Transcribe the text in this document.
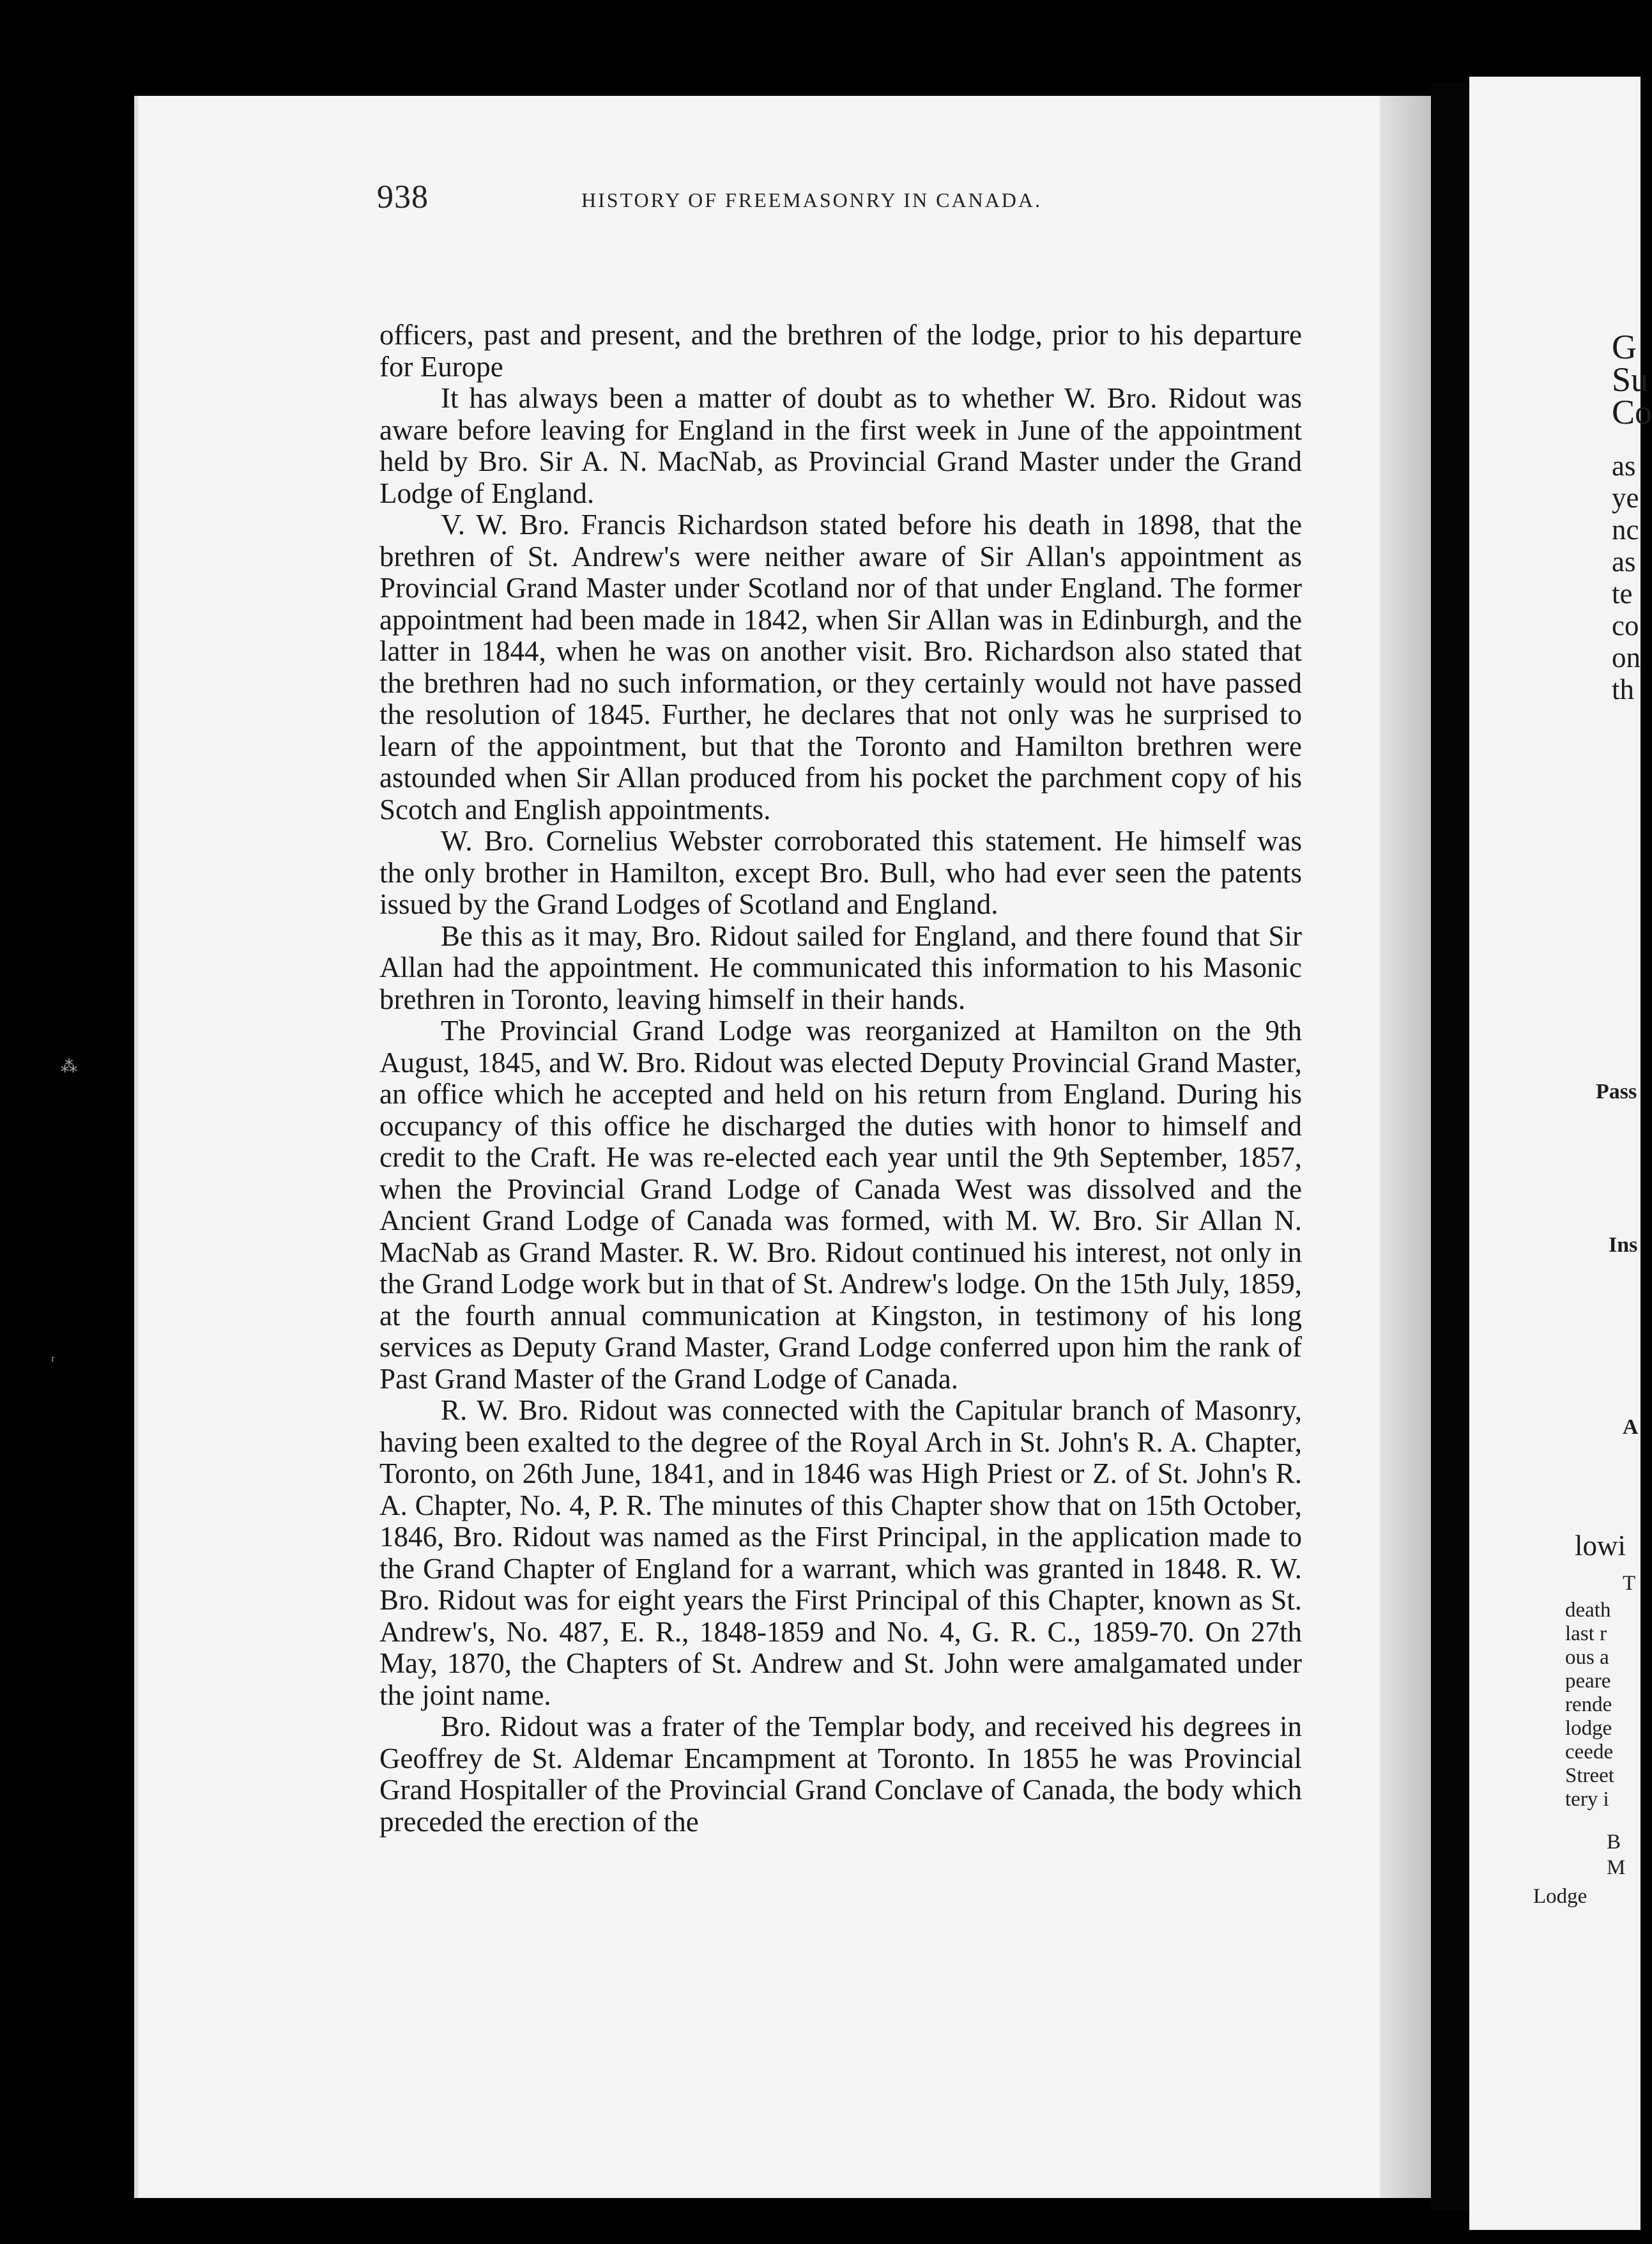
938	HISTORY OF FREEMASONRY IN CANADA.

officers, past and present, and the brethren of the lodge, prior to his departure for Europe

It has always been a matter of doubt as to whether W. Bro. Ridout was aware before leaving for England in the first week in June of the appointment held by Bro. Sir A. N. MacNab, as Provincial Grand Master under the Grand Lodge of England.

V. W. Bro. Francis Richardson stated before his death in 1898, that the brethren of St. Andrew's were neither aware of Sir Allan's appointment as Provincial Grand Master under Scotland nor of that under England. The former appointment had been made in 1842, when Sir Allan was in Edinburgh, and the latter in 1844, when he was on another visit. Bro. Richardson also stated that the brethren had no such information, or they certainly would not have passed the resolution of 1845. Further, he declares that not only was he surprised to learn of the appointment, but that the Toronto and Hamilton brethren were astounded when Sir Allan produced from his pocket the parchment copy of his Scotch and English appointments.

W. Bro. Cornelius Webster corroborated this statement. He himself was the only brother in Hamilton, except Bro. Bull, who had ever seen the patents issued by the Grand Lodges of Scotland and England.

Be this as it may, Bro. Ridout sailed for England, and there found that Sir Allan had the appointment. He communicated this information to his Masonic brethren in Toronto, leaving himself in their hands.

The Provincial Grand Lodge was reorganized at Hamilton on the 9th August, 1845, and W. Bro. Ridout was elected Deputy Provincial Grand Master, an office which he accepted and held on his return from England. During his occupancy of this office he discharged the duties with honor to himself and credit to the Craft. He was re-elected each year until the 9th September, 1857, when the Provincial Grand Lodge of Canada West was dissolved and the Ancient Grand Lodge of Canada was formed, with M. W. Bro. Sir Allan N. MacNab as Grand Master. R. W. Bro. Ridout continued his interest, not only in the Grand Lodge work but in that of St. Andrew's lodge. On the 15th July, 1859, at the fourth annual communication at Kingston, in testimony of his long services as Deputy Grand Master, Grand Lodge conferred upon him the rank of Past Grand Master of the Grand Lodge of Canada.

R. W. Bro. Ridout was connected with the Capitular branch of Masonry, having been exalted to the degree of the Royal Arch in St. John's R. A. Chapter, Toronto, on 26th June, 1841, and in 1846 was High Priest or Z. of St. John's R. A. Chapter, No. 4, P. R. The minutes of this Chapter show that on 15th October, 1846, Bro. Ridout was named as the First Principal, in the application made to the Grand Chapter of England for a warrant, which was granted in 1848. R. W. Bro. Ridout was for eight years the First Principal of this Chapter, known as St. Andrew's, No. 487, E. R., 1848-1859 and No. 4, G. R. C., 1859-70. On 27th May, 1870, the Chapters of St. Andrew and St. John were amalgamated under the joint name.

Bro. Ridout was a frater of the Templar body, and received his degrees in Geoffrey de St. Aldemar Encampment at Toronto. In 1855 he was Provincial Grand Hospitaller of the Provincial Grand Conclave of Canada, the body which preceded the erection of the

⁂
ʳ
G
Su
Co
as
ye
nc
as
te
co
on
th
Pass
Ins
A
lowi
T
death
last r
ous a
peare
rende
lodge
ceede
Street
tery i
B
M
Lodge
